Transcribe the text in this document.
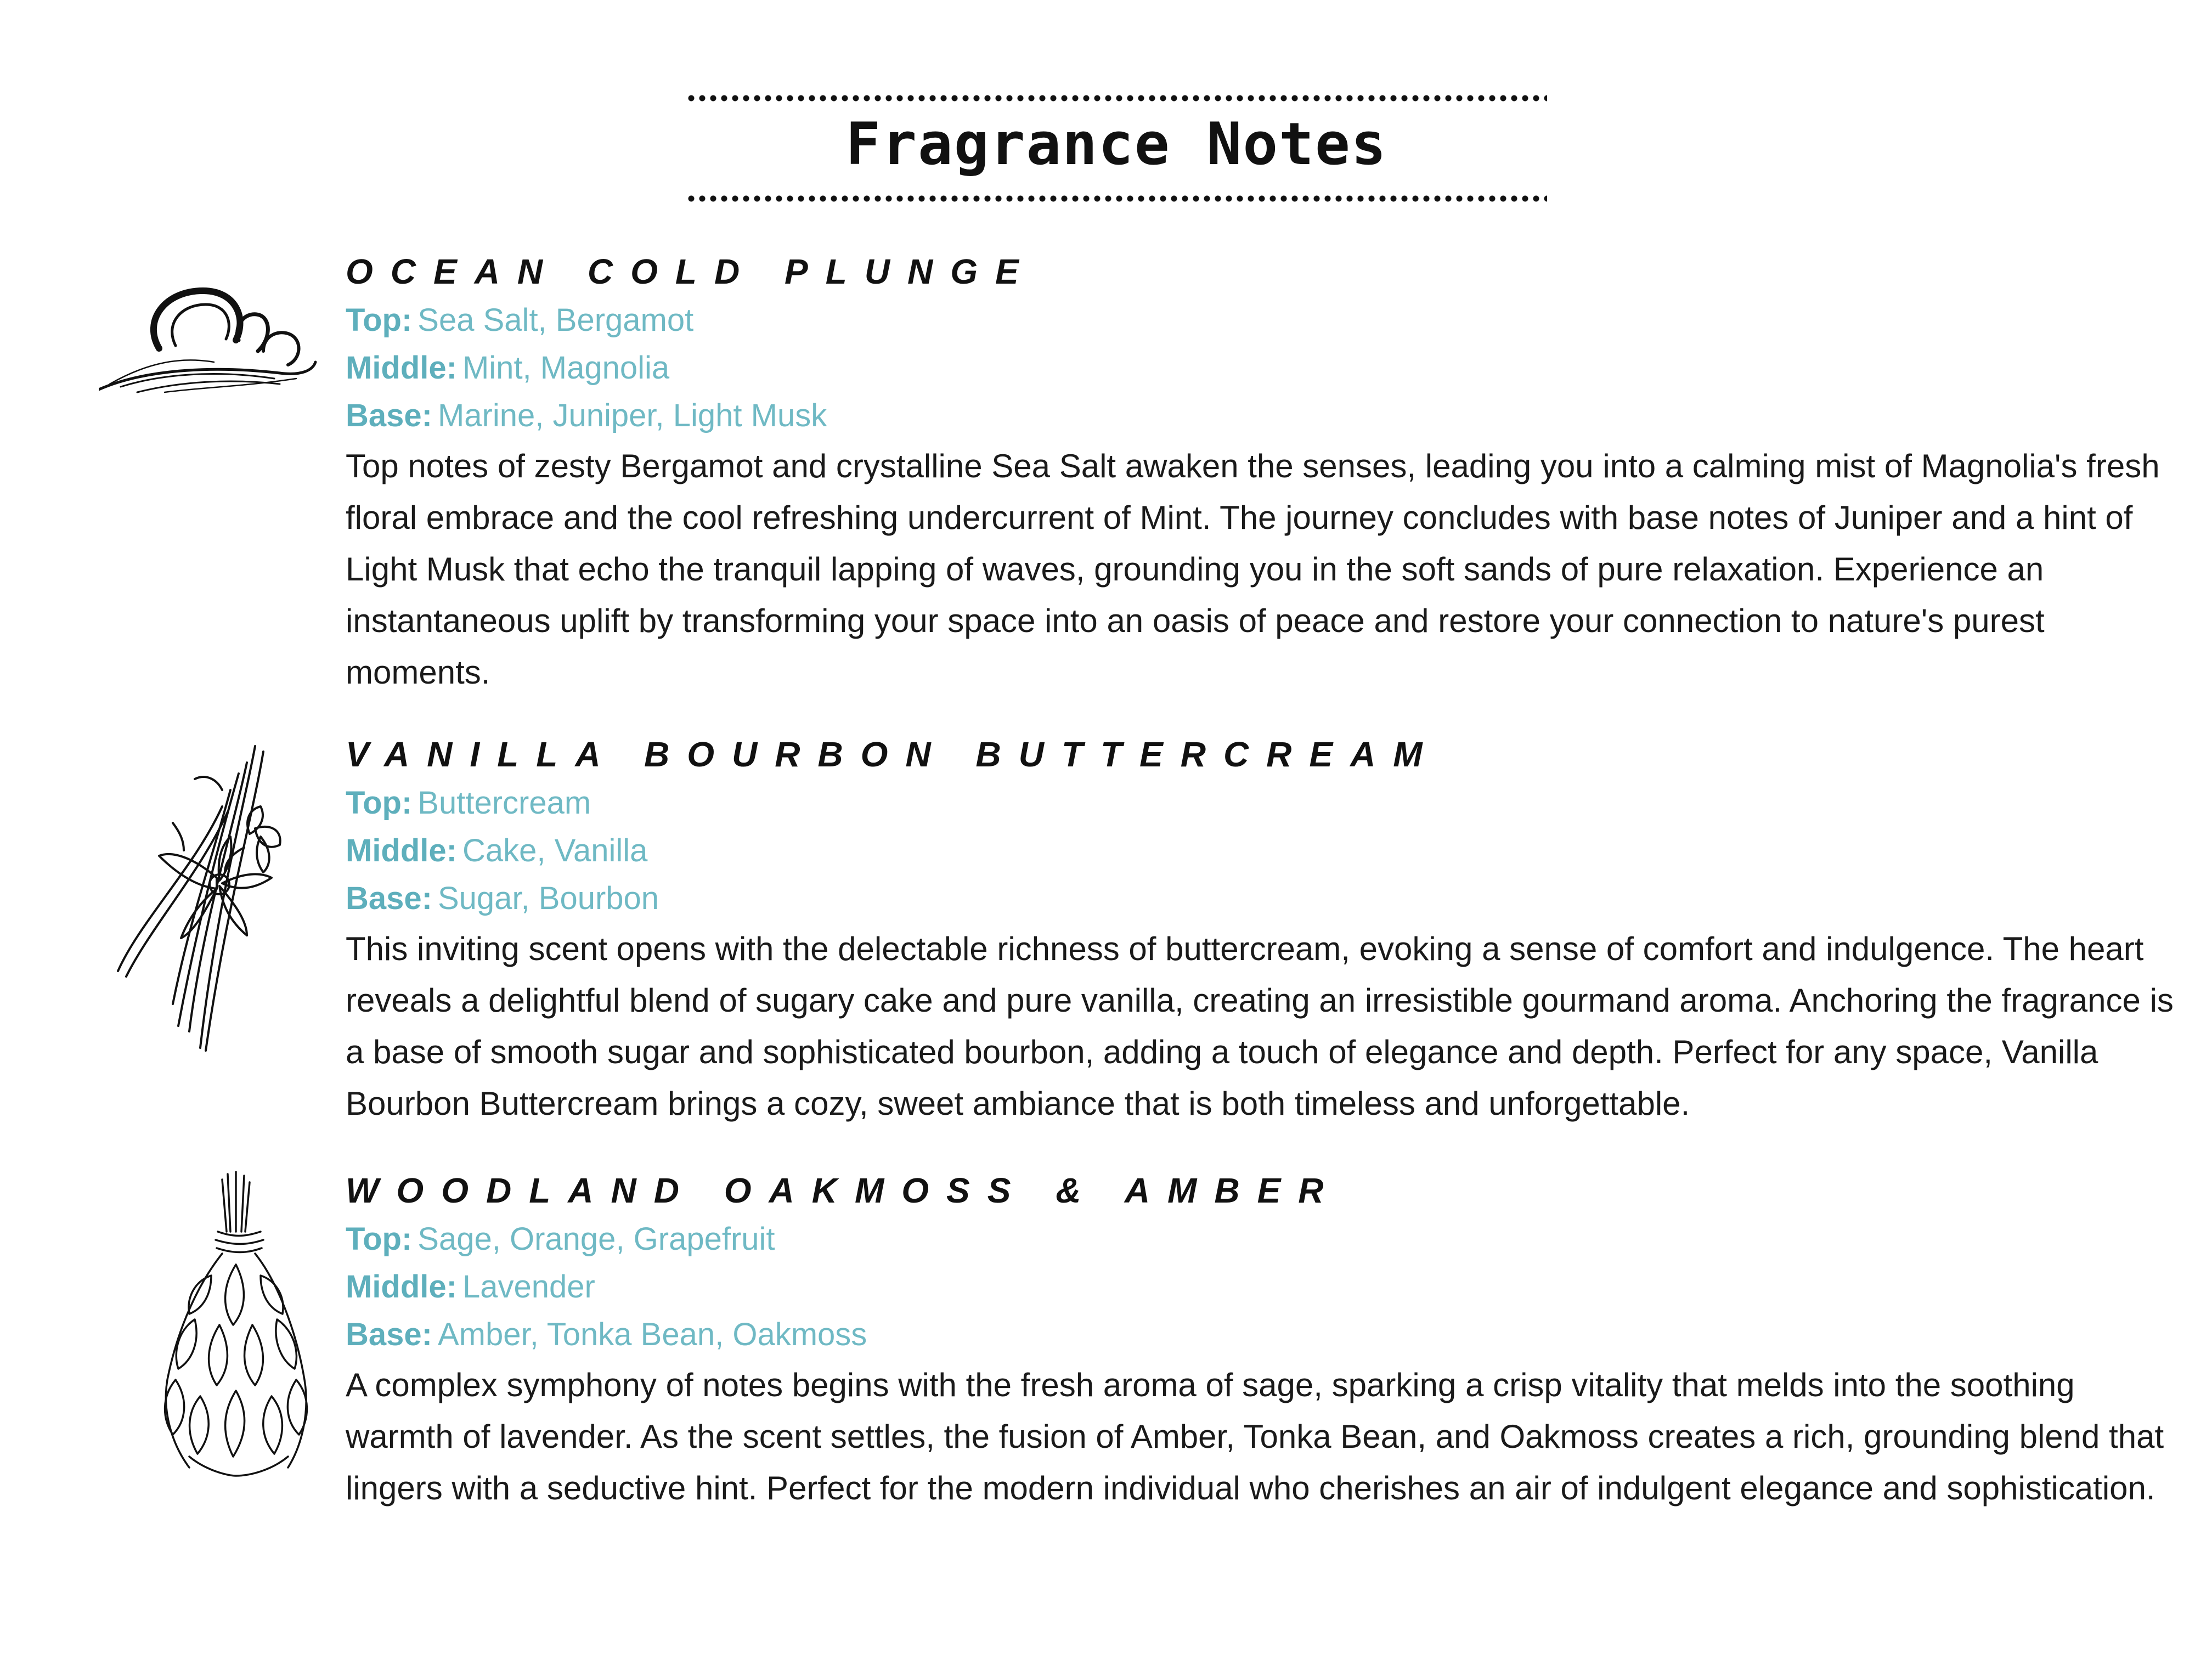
Fragrance Notes
OCEAN COLD PLUNGE
Top: Sea Salt, Bergamot
Middle: Mint, Magnolia
Base: Marine, Juniper, Light Musk
Top notes of zesty Bergamot and crystalline Sea Salt awaken the senses, leading you into a calming mist of Magnolia's fresh floral embrace and the cool refreshing undercurrent of Mint. The journey concludes with base notes of Juniper and a hint of Light Musk that echo the tranquil lapping of waves, grounding you in the soft sands of pure relaxation. Experience an instantaneous uplift by transforming your space into an oasis of peace and restore your connection to nature's purest moments.
VANILLA BOURBON BUTTERCREAM
Top: Buttercream
Middle: Cake, Vanilla
Base: Sugar, Bourbon
This inviting scent opens with the delectable richness of buttercream, evoking a sense of comfort and indulgence. The heart reveals a delightful blend of sugary cake and pure vanilla, creating an irresistible gourmand aroma. Anchoring the fragrance is a base of smooth sugar and sophisticated bourbon, adding a touch of elegance and depth. Perfect for any space, Vanilla Bourbon Buttercream brings a cozy, sweet ambiance that is both timeless and unforgettable.
WOODLAND OAKMOSS & AMBER
Top: Sage, Orange, Grapefruit
Middle: Lavender
Base: Amber, Tonka Bean, Oakmoss
A complex symphony of notes begins with the fresh aroma of sage, sparking a crisp vitality that melds into the soothing warmth of lavender. As the scent settles, the fusion of Amber, Tonka Bean, and Oakmoss creates a rich, grounding blend that lingers with a seductive hint. Perfect for the modern individual who cherishes an air of indulgent elegance and sophistication.
